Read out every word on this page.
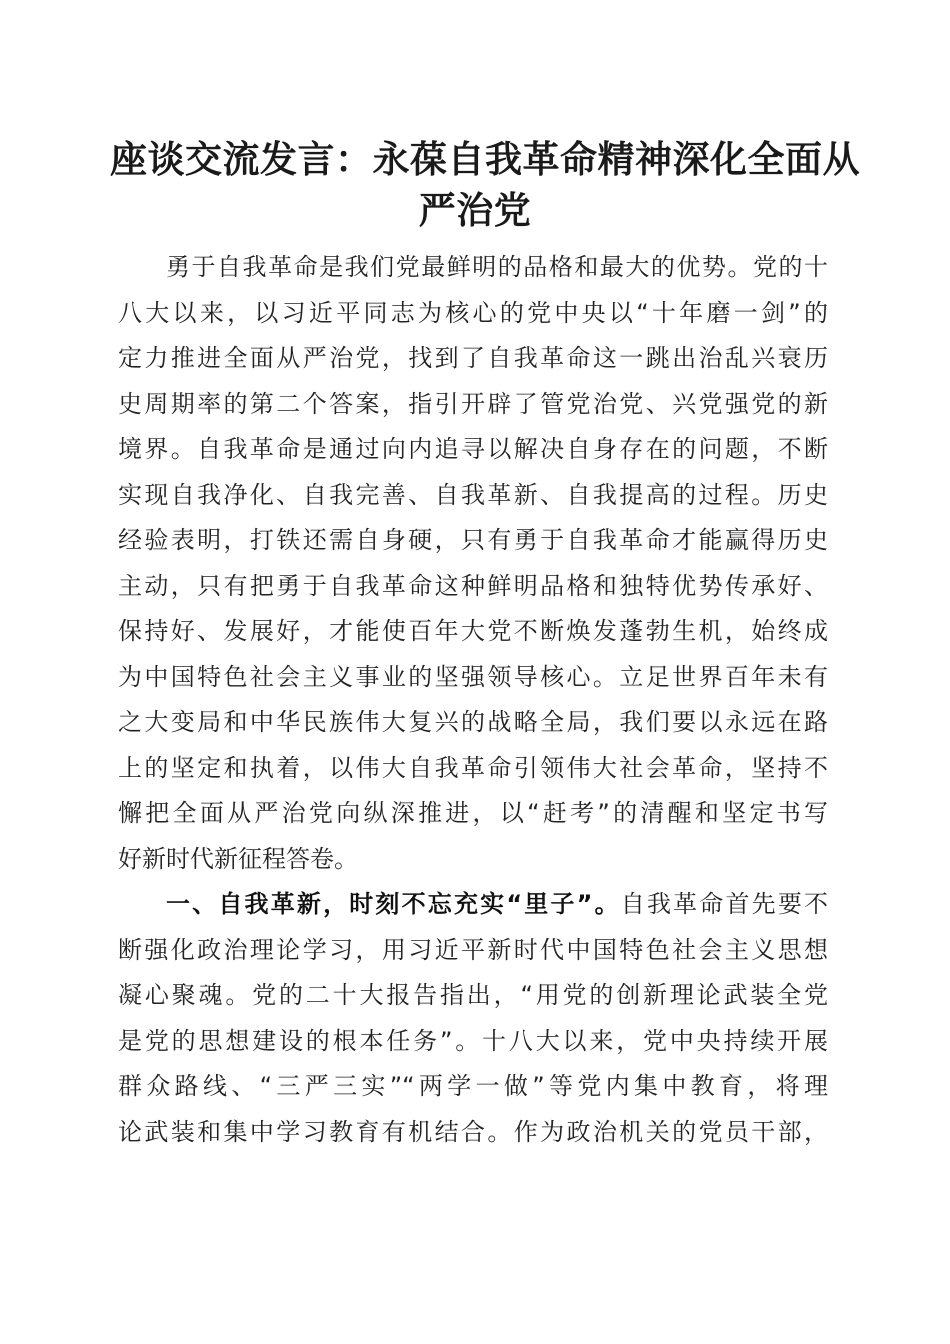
座谈交流发言：永葆自我革命精神深化全面从
严治党
勇于自我革命是我们党最鲜明的品格和最大的优势。党的十
八大以来，以习近平同志为核心的党中央以“十年磨一剑”的
定力推进全面从严治党，找到了自我革命这一跳出治乱兴衰历
史周期率的第二个答案，指引开辟了管党治党、兴党强党的新
境界。自我革命是通过向内追寻以解决自身存在的问题，不断
实现自我净化、自我完善、自我革新、自我提高的过程。历史
经验表明，打铁还需自身硬，只有勇于自我革命才能赢得历史
主动，只有把勇于自我革命这种鲜明品格和独特优势传承好、
保持好、发展好，才能使百年大党不断焕发蓬勃生机，始终成
为中国特色社会主义事业的坚强领导核心。立足世界百年未有
之大变局和中华民族伟大复兴的战略全局，我们要以永远在路
上的坚定和执着，以伟大自我革命引领伟大社会革命，坚持不
懈把全面从严治党向纵深推进，以“赶考”的清醒和坚定书写
好新时代新征程答卷。
一、自我革新，时刻不忘充实“里子”。自我革命首先要不
断强化政治理论学习，用习近平新时代中国特色社会主义思想
凝心聚魂。党的二十大报告指出，“用党的创新理论武装全党
是党的思想建设的根本任务”。十八大以来，党中央持续开展
群众路线、“三严三实”“两学一做”等党内集中教育，将理
论武装和集中学习教育有机结合。作为政治机关的党员干部，
